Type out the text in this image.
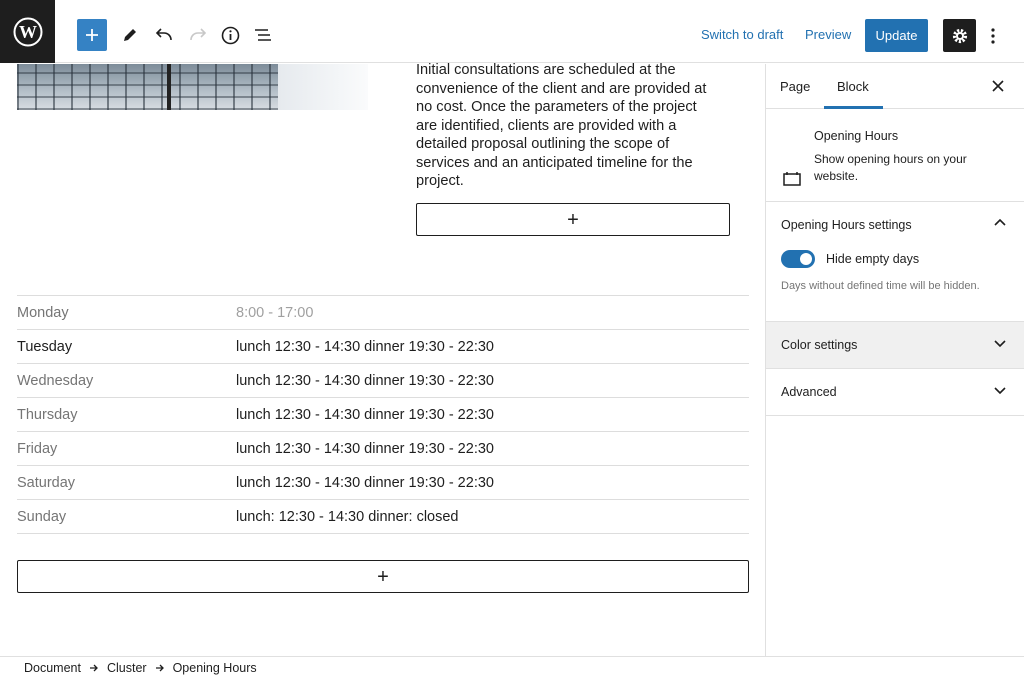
W	Switch to draft Preview	Update

Initial consultations are scheduled at the

convenience of the client and are provided at

no cost. Once the parameters of the project

are identified, clients are provided with a

detailed proposal outlining the scope of

services and an anticipated timeline for the

project.

+
Monday	8:00 - 17:00
Tuesday	lunch 12:30 - 14:30 dinner 19:30 - 22:30
Wednesday	lunch 12:30 - 14:30 dinner 19:30 - 22:30
Thursday	lunch 12:30 - 14:30 dinner 19:30 - 22:30
Friday	lunch 12:30 - 14:30 dinner 19:30 - 22:30
Saturday	lunch 12:30 - 14:30 dinner 19:30 - 22:30
Sunday	lunch: 12:30 - 14:30 dinner: closed
+
Page Block
Opening Hours

Show opening hours on your website.

Opening Hours settings
Hide empty days
Days without defined time will be hidden.
Color settings
Advanced
Document Cluster Opening Hours
